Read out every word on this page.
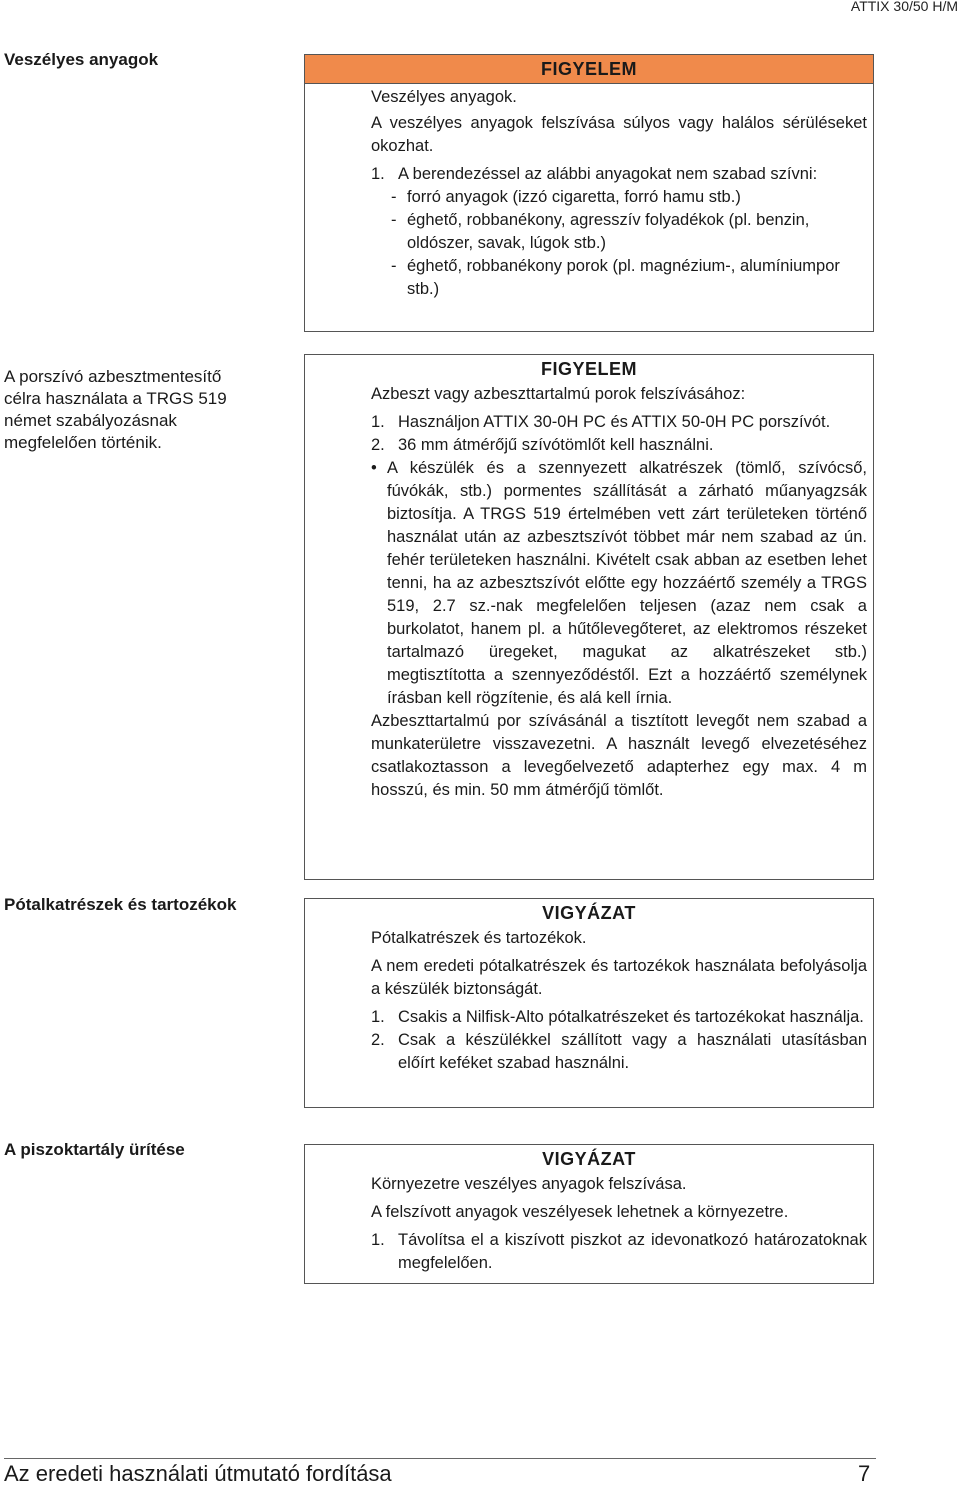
ATTIX 30/50 H/M
Veszélyes anyagok
A porszívó azbesztmentesítő célra használata a TRGS 519 német szabályozásnak megfelelően történik.
Pótalkatrészek és tartozékok
A piszoktartály ürítése
FIGYELEM
Veszélyes anyagok.
A veszélyes anyagok felszívása súlyos vagy halálos sérüléseket okozhat.
1. A berendezéssel az alábbi anyagokat nem szabad szívni:
- forró anyagok (izzó cigaretta, forró hamu stb.)
- éghető, robbanékony, agresszív folyadékok (pl. benzin, oldószer, savak, lúgok stb.)
- éghető, robbanékony porok (pl. magnézium-, alumíniumpor stb.)
FIGYELEM
Azbeszt vagy azbeszttartalmú porok felszívásához:
1. Használjon ATTIX 30-0H PC és ATTIX 50-0H PC porszívót.
2. 36 mm átmérőjű szívótömlőt kell használni.
• A készülék és a szennyezett alkatrészek (tömlő, szívócső, fúvókák, stb.) pormentes szállítását a zárható műanyagzsák biztosítja. A TRGS 519 értelmében vett zárt területeken történő használat után az azbesztszívót többet már nem szabad az ún. fehér területeken használni. Kivételt csak abban az esetben lehet tenni, ha az azbesztszívót előtte egy hozzáértő személy a TRGS 519, 2.7 sz.-nak megfelelően teljesen (azaz nem csak a burkolatot, hanem pl. a hűtőlevegőteret, az elektromos részeket tartalmazó üregeket, magukat az alkatrészeket stb.) megtisztította a szennyeződéstől. Ezt a hozzáértő személynek írásban kell rögzítenie, és alá kell írnia.
Azbeszttartalmú por szívásánál a tisztított levegőt nem szabad a munkaterületre visszavezetni. A használt levegő elvezetéséhez csatlakoztasson a levegőelvezető adapterhez egy max. 4 m hosszú, és min. 50 mm átmérőjű tömlőt.
VIGYÁZAT
Pótalkatrészek és tartozékok.
A nem eredeti pótalkatrészek és tartozékok használata befolyásolja a készülék biztonságát.
1. Csakis a Nilfisk-Alto pótalkatrészeket és tartozékokat használja.
2. Csak a készülékkel szállított vagy a használati utasításban előírt keféket szabad használni.
VIGYÁZAT
Környezetre veszélyes anyagok felszívása.
A felszívott anyagok veszélyesek lehetnek a környezetre.
1. Távolítsa el a kiszívott piszkot az idevonatkozó határozatoknak megfelelően.
Az eredeti használati útmutató fordítása	7
